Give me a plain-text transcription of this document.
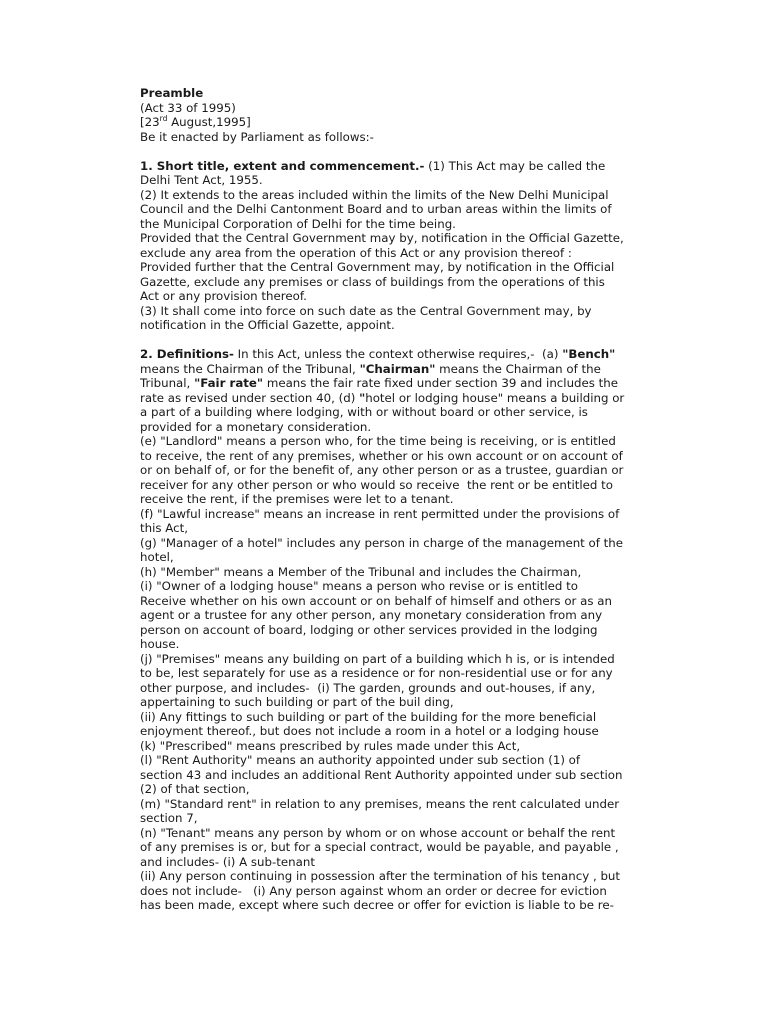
Preamble
(Act 33 of 1995)
[23rd August,1995]
Be it enacted by Parliament as follows:-
1. Short title, extent and commencement.- (1) This Act may be called the
Delhi Tent Act, 1955.
(2) It extends to the areas included within the limits of the New Delhi Municipal
Council and the Delhi Cantonment Board and to urban areas within the limits of
the Municipal Corporation of Delhi for the time being.
Provided that the Central Government may by, notification in the Official Gazette,
exclude any area from the operation of this Act or any provision thereof :
Provided further that the Central Government may, by notification in the Official
Gazette, exclude any premises or class of buildings from the operations of this
Act or any provision thereof.
(3) It shall come into force on such date as the Central Government may, by
notification in the Official Gazette, appoint.
2. Definitions- In this Act, unless the context otherwise requires,-  (a) "Bench"
means the Chairman of the Tribunal, "Chairman" means the Chairman of the
Tribunal, "Fair rate" means the fair rate fixed under section 39 and includes the
rate as revised under section 40, (d) "hotel or lodging house" means a building or
a part of a building where lodging, with or without board or other service, is
provided for a monetary consideration.
(e) "Landlord" means a person who, for the time being is receiving, or is entitled
to receive, the rent of any premises, whether or his own account or on account of
or on behalf of, or for the benefit of, any other person or as a trustee, guardian or
receiver for any other person or who would so receive  the rent or be entitled to
receive the rent, if the premises were let to a tenant.
(f) "Lawful increase" means an increase in rent permitted under the provisions of
this Act,
(g) "Manager of a hotel" includes any person in charge of the management of the
hotel,
(h) "Member" means a Member of the Tribunal and includes the Chairman,
(i) "Owner of a lodging house" means a person who revise or is entitled to
Receive whether on his own account or on behalf of himself and others or as an
agent or a trustee for any other person, any monetary consideration from any
person on account of board, lodging or other services provided in the lodging
house.
(j) "Premises" means any building on part of a building which h is, or is intended
to be, lest separately for use as a residence or for non-residential use or for any
other purpose, and includes-  (i) The garden, grounds and out-houses, if any,
appertaining to such building or part of the buil ding,
(ii) Any fittings to such building or part of the building for the more beneficial
enjoyment thereof., but does not include a room in a hotel or a lodging house
(k) "Prescribed" means prescribed by rules made under this Act,
(l) "Rent Authority" means an authority appointed under sub section (1) of
section 43 and includes an additional Rent Authority appointed under sub section
(2) of that section,
(m) "Standard rent" in relation to any premises, means the rent calculated under
section 7,
(n) "Tenant" means any person by whom or on whose account or behalf the rent
of any premises is or, but for a special contract, would be payable, and payable ,
and includes- (i) A sub-tenant
(ii) Any person continuing in possession after the termination of his tenancy , but
does not include-   (i) Any person against whom an order or decree for eviction
has been made, except where such decree or offer for eviction is liable to be re-
